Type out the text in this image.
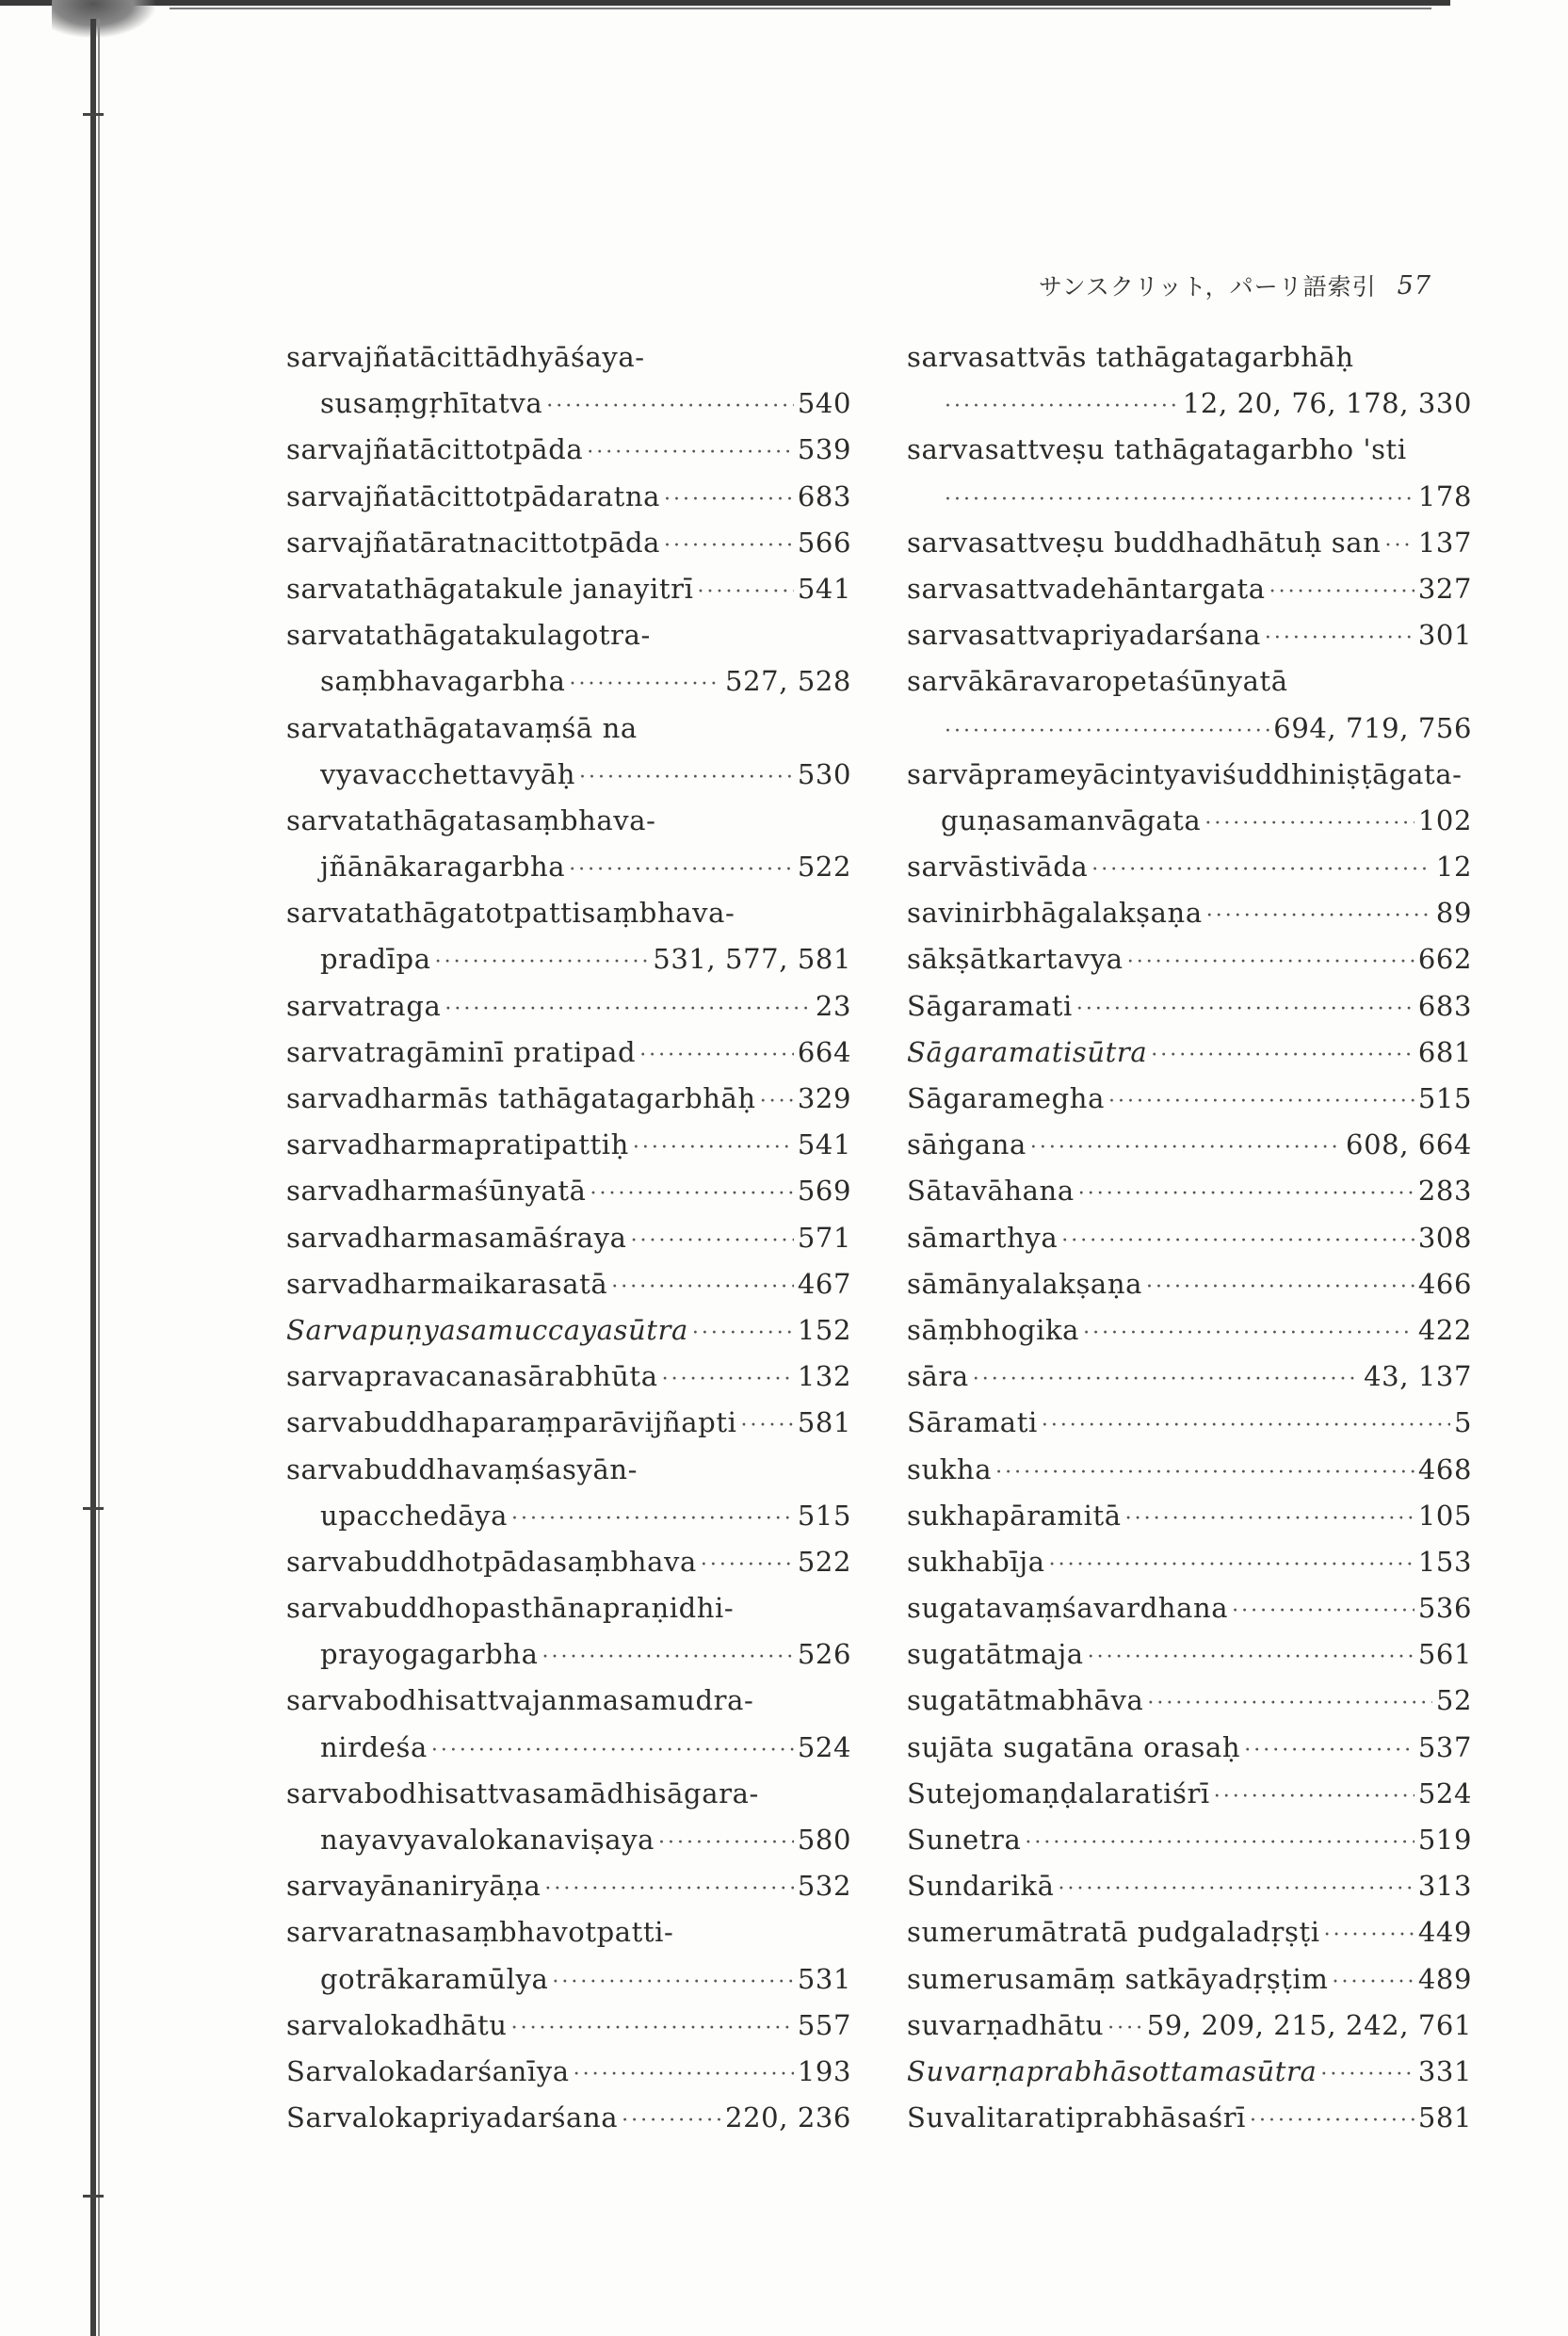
サンスクリット，パーリ語索引 57
sarvajñatācittādhyāśaya-
susaṃgṛhītatva ·····	540
sarvajñatācittotpāda ·····	539
sarvajñatācittotpādaratna ·····	683
sarvajñatāratnacittotpāda ·····	566
sarvatathāgatakule janayitrī ·····	541
sarvatathāgatakulagotra-
saṃbhavagarbha ·····	527, 528
sarvatathāgatavaṃśā na
vyavacchettavyāḥ ·····	530
sarvatathāgatasaṃbhava-
jñānākaragarbha ·····	522
sarvatathāgatotpattisaṃbhava-
pradīpa ·····	531, 577, 581
sarvatraga ·····	23
sarvatragāminī pratipad ·····	664
sarvadharmās tathāgatagarbhāḥ ····· 329
sarvadharmapratipattiḥ ·····	541
sarvadharmaśūnyatā ·····	569
sarvadharmasamāśraya ·····	571
sarvadharmaikarasatā ·····	467
Sarvapuṇyasamuccayasūtra ·····	152
sarvapravacanasārabhūta ·····	132
sarvabuddhaparaṃparāvijñapti ····· 581
sarvabuddhavaṃśasyān-
upacchedāya ·····	515
sarvabuddhotpādasaṃbhava ·····	522
sarvabuddhopasthānapraṇidhi-
prayogagarbha ·····	526
sarvabodhisattvajanmasamudra-
nirdeśa ·····	524
sarvabodhisattvasamādhisāgara-
nayavyavalokanaviṣaya ·····	580
sarvayānaniryāṇa ·····	532
sarvaratnasaṃbhavotpatti-
gotrākaramūlya ·····	531
sarvalokadhātu ·····	557
Sarvalokadarśanīya ·····	193
Sarvalokapriyadarśana ·····	220, 236
sarvasattvās tathāgatagarbhāḥ
·····
12, 20, 76, 178, 330
sarvasattveṣu tathāgatagarbho 'sti
·····
178
sarvasattveṣu buddhadhātuḥ san ····· 137
sarvasattvadehāntargata ·····	327
sarvasattvapriyadarśana ·····	301
sarvākāravaropetaśūnyatā
·····
694, 719, 756
sarvāprameyācintyaviśuddhiniṣṭāgata-
guṇasamanvāgata ·····	102
sarvāstivāda ·····	12
savinirbhāgalakṣaṇa ·····	89
sākṣātkartavya ·····	662
Sāgaramati ·····	683
Sāgaramatisūtra ·····	681
Sāgaramegha ·····	515
sāṅgana ·····	608, 664
Sātavāhana ·····	283
sāmarthya ·····	308
sāmānyalakṣaṇa ·····	466
sāṃbhogika ·····	422
sāra ·····	43, 137
Sāramati ·····	5
sukha ·····	468
sukhapāramitā ·····	105
sukhabīja ·····	153
sugatavaṃśavardhana ·····	536
sugatātmaja ·····	561
sugatātmabhāva ·····	52
sujāta sugatāna orasaḥ ·····	537
Sutejomaṇḍalaratiśrī ·····	524
Sunetra ·····	519
Sundarikā ·····	313
sumerumātratā pudgaladṛṣṭi ·····	449
sumerusamāṃ satkāyadṛṣṭim ·····	489
suvarṇadhātu ····· 59, 209, 215, 242, 761
Suvarṇaprabhāsottamasūtra ·····	331
Suvalitaratiprabhāsaśrī ·····	581
